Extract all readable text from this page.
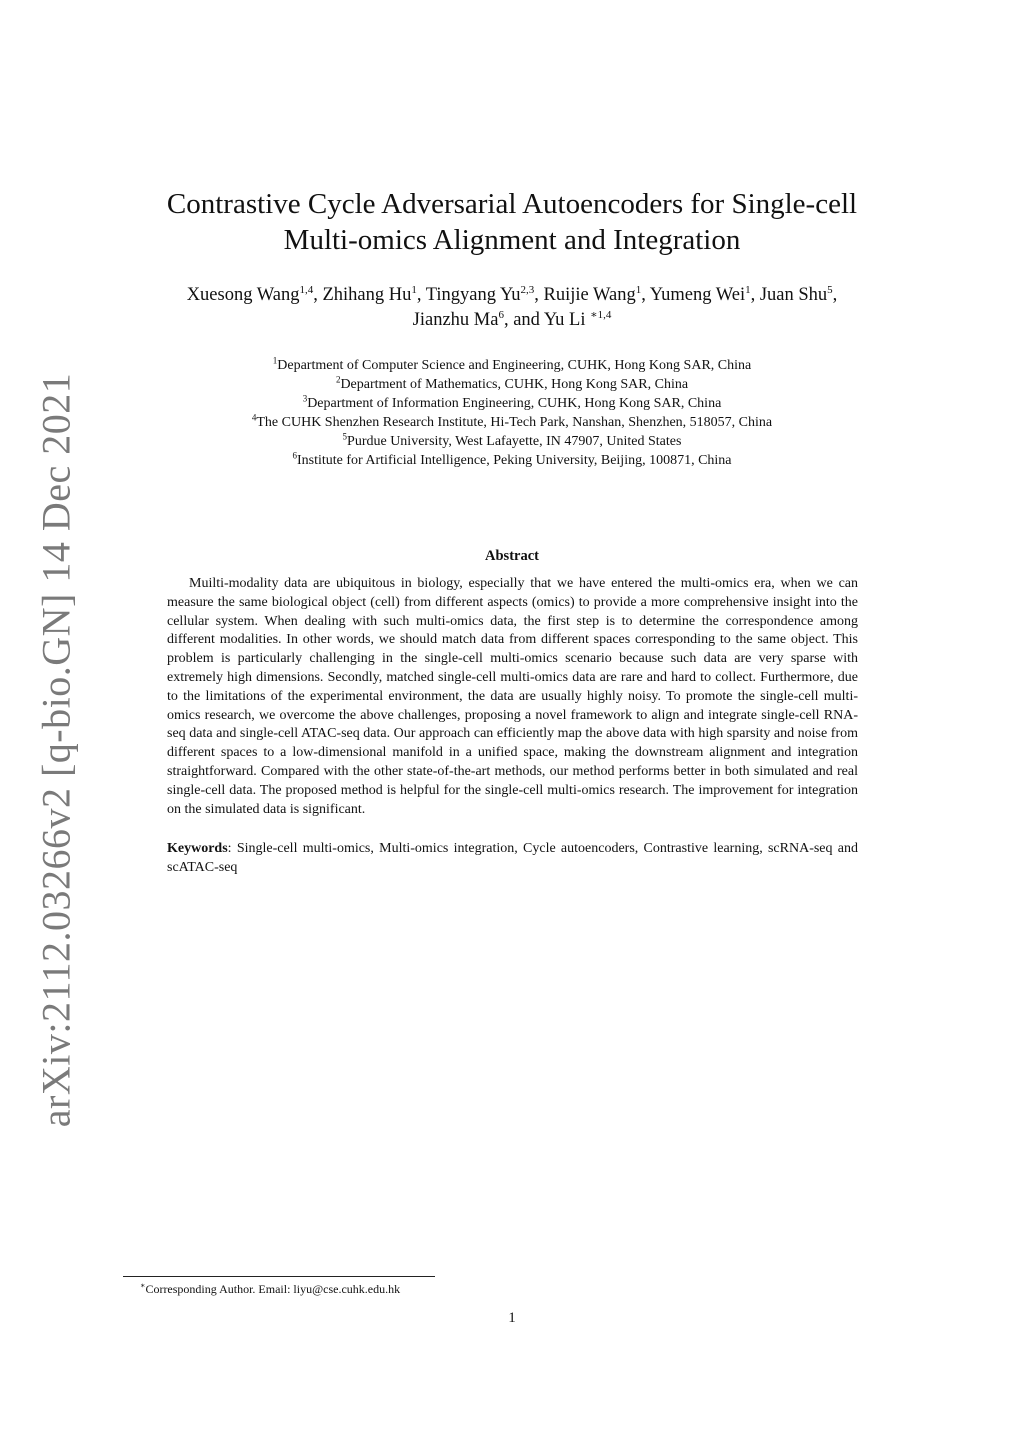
arXiv:2112.03266v2 [q-bio.GN] 14 Dec 2021
Contrastive Cycle Adversarial Autoencoders for Single-cell
Multi-omics Alignment and Integration
Xuesong Wang$^{1,4}$, Zhihang Hu$^1$, Tingyang Yu$^{2,3}$, Ruijie Wang$^1$, Yumeng Wei$^1$, Juan Shu$^5$,
Jianzhu Ma$^6$, and Yu Li $^{∗1,4}$
$^1$Department of Computer Science and Engineering, CUHK, Hong Kong SAR, China
$^2$Department of Mathematics, CUHK, Hong Kong SAR, China
$^3$Department of Information Engineering, CUHK, Hong Kong SAR, China
$^4$The CUHK Shenzhen Research Institute, Hi-Tech Park, Nanshan, Shenzhen, 518057, China
$^5$Purdue University, West Lafayette, IN 47907, United States
$^6$Institute for Artificial Intelligence, Peking University, Beijing, 100871, China
Abstract

Muilti-modality data are ubiquitous in biology, especially that we have entered the multi-omics era, when we can measure the same biological object (cell) from different aspects (omics) to provide a more comprehensive insight into the cellular system. When dealing with such multi-omics data, the first step is to determine the correspondence among different modalities. In other words, we should match data from different spaces corresponding to the same object. This problem is particularly challenging in the single-cell multi-omics scenario because such data are very sparse with extremely high dimensions. Secondly, matched single-cell multi-omics data are rare and hard to collect. Furthermore, due to the limitations of the experimental environment, the data are usually highly noisy. To promote the single-cell multi-omics research, we overcome the above challenges, proposing a novel framework to align and integrate single-cell RNA-seq data and single-cell ATAC-seq data. Our approach can efficiently map the above data with high sparsity and noise from different spaces to a low-dimensional manifold in a unified space, making the downstream alignment and integration straightforward. Compared with the other state-of-the-art methods, our method performs better in both simulated and real single-cell data. The proposed method is helpful for the single-cell multi-omics research. The improvement for integration on the simulated data is significant.

Keywords: Single-cell multi-omics, Multi-omics integration, Cycle autoencoders, Contrastive learning, scRNA-seq and scATAC-seq

∗Corresponding Author. Email: liyu@cse.cuhk.edu.hk
1
